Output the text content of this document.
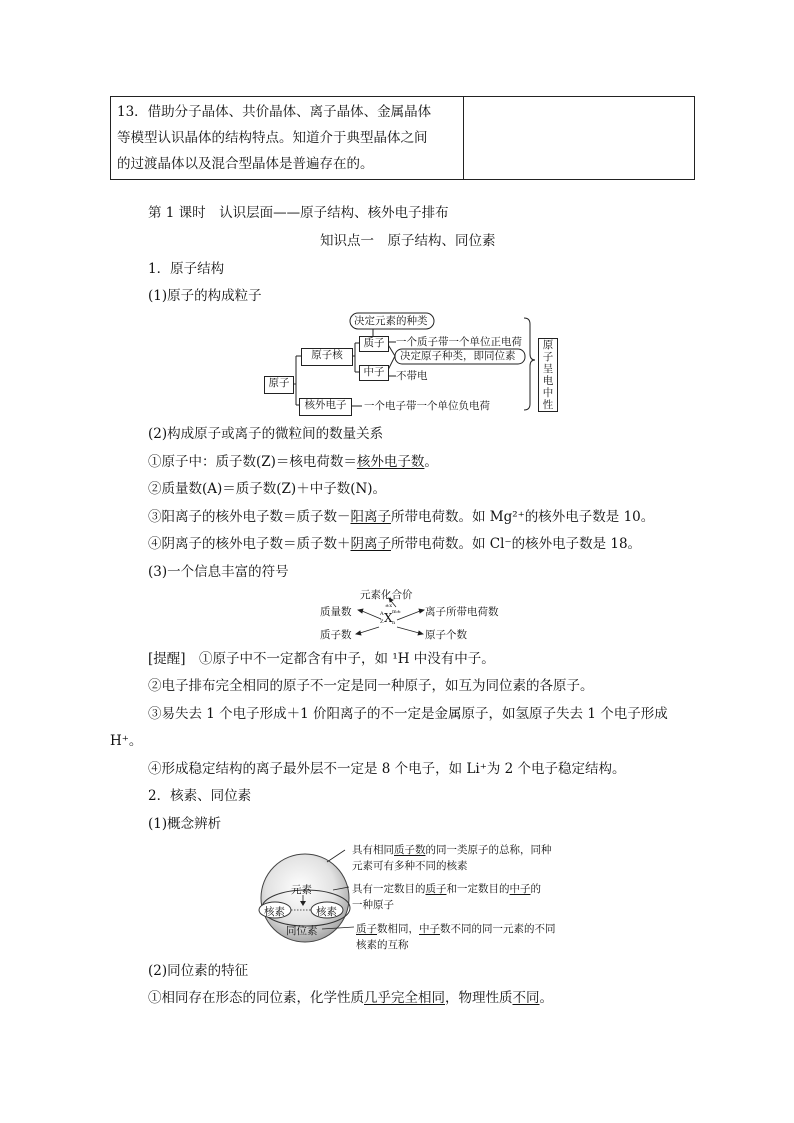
13．借助分子晶体、共价晶体、离子晶体、金属晶体
等模型认识晶体的结构特点。知道介于典型晶体之间
的过渡晶体以及混合型晶体是普遍存在的。

第 1 课时　认识层面——原子结构、核外电子排布
知识点一　原子结构、同位素
1．原子结构
(1)原子的构成粒子
原子
原子核
质子
中子
核外电子
原子呈电中性
决定元素的种类
一个质子带一个单位正电荷
决定原子种类，即同位素
不带电
一个电子带一个单位负电荷
(2)构成原子或离子的微粒间的数量关系
①原子中：质子数(Z)＝核电荷数＝核外电子数。
②质量数(A)＝质子数(Z)＋中子数(N)。
③阳离子的核外电子数＝质子数－阳离子所带电荷数。如 Mg²⁺的核外电子数是 10。
④阴离子的核外电子数＝质子数＋阴离子所带电荷数。如 Cl⁻的核外电子数是 18。
(3)一个信息丰富的符号
元素化合价
质量数	离子所带电荷数
质子数	原子个数
±x
A
Z X m±
n
[提醒]　①原子中不一定都含有中子，如 ¹H 中没有中子。
②电子排布完全相同的原子不一定是同一种原子，如互为同位素的各原子。
③易失去 1 个电子形成＋1 价阳离子的不一定是金属原子，如氢原子失去 1 个电子形成
H⁺。
④形成稳定结构的离子最外层不一定是 8 个电子，如 Li⁺为 2 个电子稳定结构。
2．核素、同位素
(1)概念辨析
元素
核素	核素
同位素
具有相同质子数的同一类原子的总称，同种
元素可有多种不同的核素
具有一定数目的质子和一定数目的中子的
一种原子
质子数相同，中子数不同的同一元素的不同
核素的互称
(2)同位素的特征
①相同存在形态的同位素，化学性质几乎完全相同，物理性质不同。
